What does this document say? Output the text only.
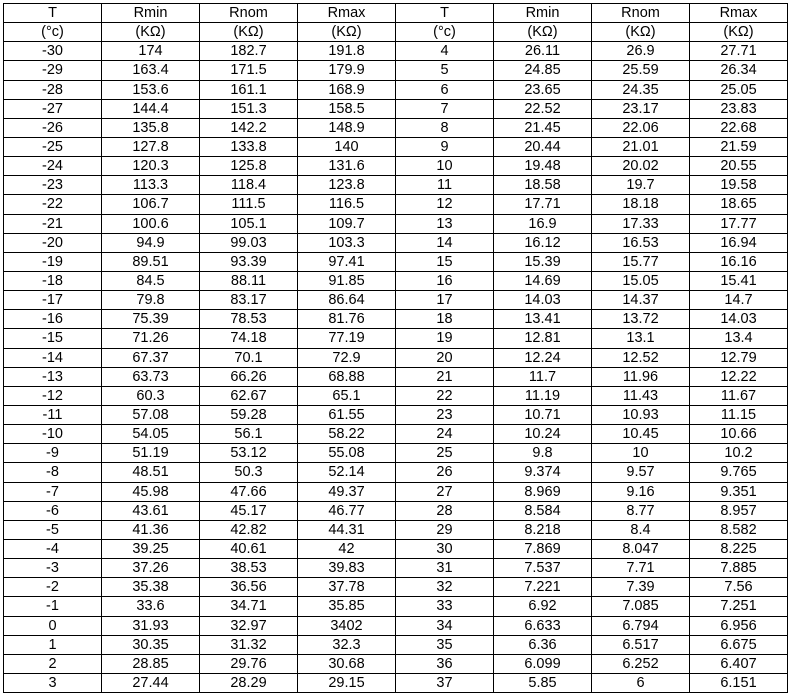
T	Rmin	Rnom	Rmax	T	Rmin	Rnom	Rmax
(°c)	(KΩ)	(KΩ)	(KΩ)	(°c)	(KΩ)	(KΩ)	(KΩ)
-30	174	182.7	191.8	4	26.11	26.9	27.71
-29	163.4	171.5	179.9	5	24.85	25.59	26.34
-28	153.6	161.1	168.9	6	23.65	24.35	25.05
-27	144.4	151.3	158.5	7	22.52	23.17	23.83
-26	135.8	142.2	148.9	8	21.45	22.06	22.68
-25	127.8	133.8	140	9	20.44	21.01	21.59
-24	120.3	125.8	131.6	10	19.48	20.02	20.55
-23	113.3	118.4	123.8	11	18.58	19.7	19.58
-22	106.7	111.5	116.5	12	17.71	18.18	18.65
-21	100.6	105.1	109.7	13	16.9	17.33	17.77
-20	94.9	99.03	103.3	14	16.12	16.53	16.94
-19	89.51	93.39	97.41	15	15.39	15.77	16.16
-18	84.5	88.11	91.85	16	14.69	15.05	15.41
-17	79.8	83.17	86.64	17	14.03	14.37	14.7
-16	75.39	78.53	81.76	18	13.41	13.72	14.03
-15	71.26	74.18	77.19	19	12.81	13.1	13.4
-14	67.37	70.1	72.9	20	12.24	12.52	12.79
-13	63.73	66.26	68.88	21	11.7	11.96	12.22
-12	60.3	62.67	65.1	22	11.19	11.43	11.67
-11	57.08	59.28	61.55	23	10.71	10.93	11.15
-10	54.05	56.1	58.22	24	10.24	10.45	10.66
-9	51.19	53.12	55.08	25	9.8	10	10.2
-8	48.51	50.3	52.14	26	9.374	9.57	9.765
-7	45.98	47.66	49.37	27	8.969	9.16	9.351
-6	43.61	45.17	46.77	28	8.584	8.77	8.957
-5	41.36	42.82	44.31	29	8.218	8.4	8.582
-4	39.25	40.61	42	30	7.869	8.047	8.225
-3	37.26	38.53	39.83	31	7.537	7.71	7.885
-2	35.38	36.56	37.78	32	7.221	7.39	7.56
-1	33.6	34.71	35.85	33	6.92	7.085	7.251
0	31.93	32.97	3402	34	6.633	6.794	6.956
1	30.35	31.32	32.3	35	6.36	6.517	6.675
2	28.85	29.76	30.68	36	6.099	6.252	6.407
3	27.44	28.29	29.15	37	5.85	6	6.151
